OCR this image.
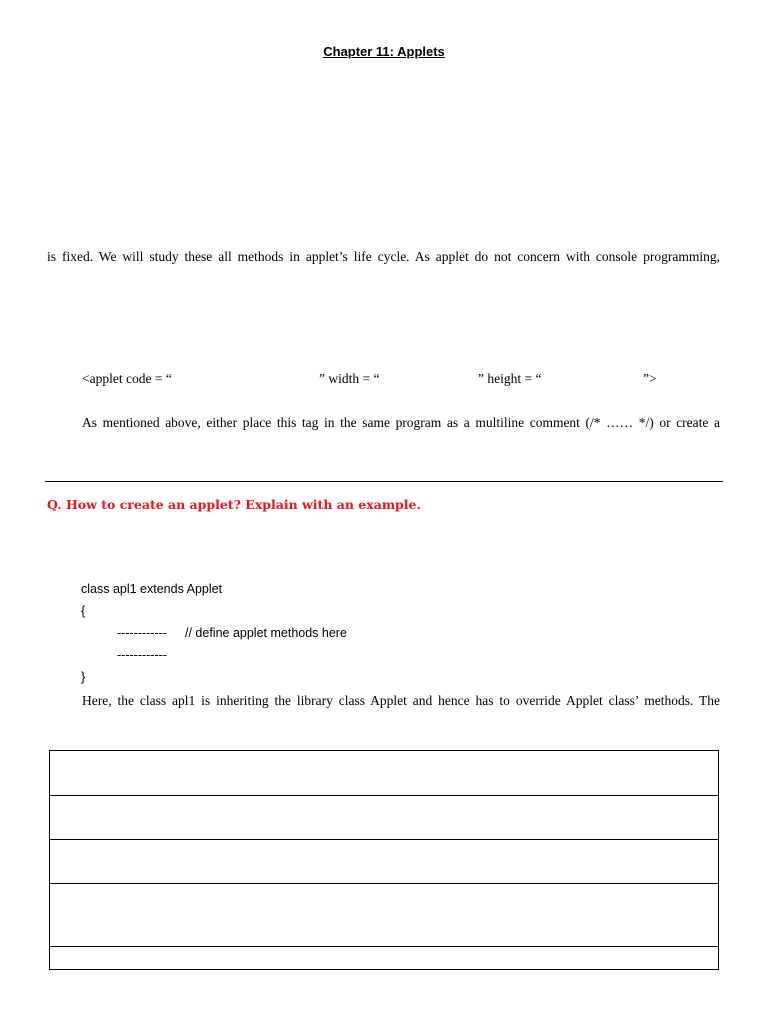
Chapter 11: Applets
is fixed. We will study these all methods in applet’s life cycle. As applet do not concern with console programming,
<applet code = “	” width = “	” height = “	”>
As mentioned above, either place this tag in the same program as a multiline comment (/* …… */) or create a
Q. How to create an applet? Explain with an example.
class apl1 extends Applet
{
------------ // define applet methods here
------------
}
Here, the class apl1 is inheriting the library class Applet and hence has to override Applet class’ methods. The
